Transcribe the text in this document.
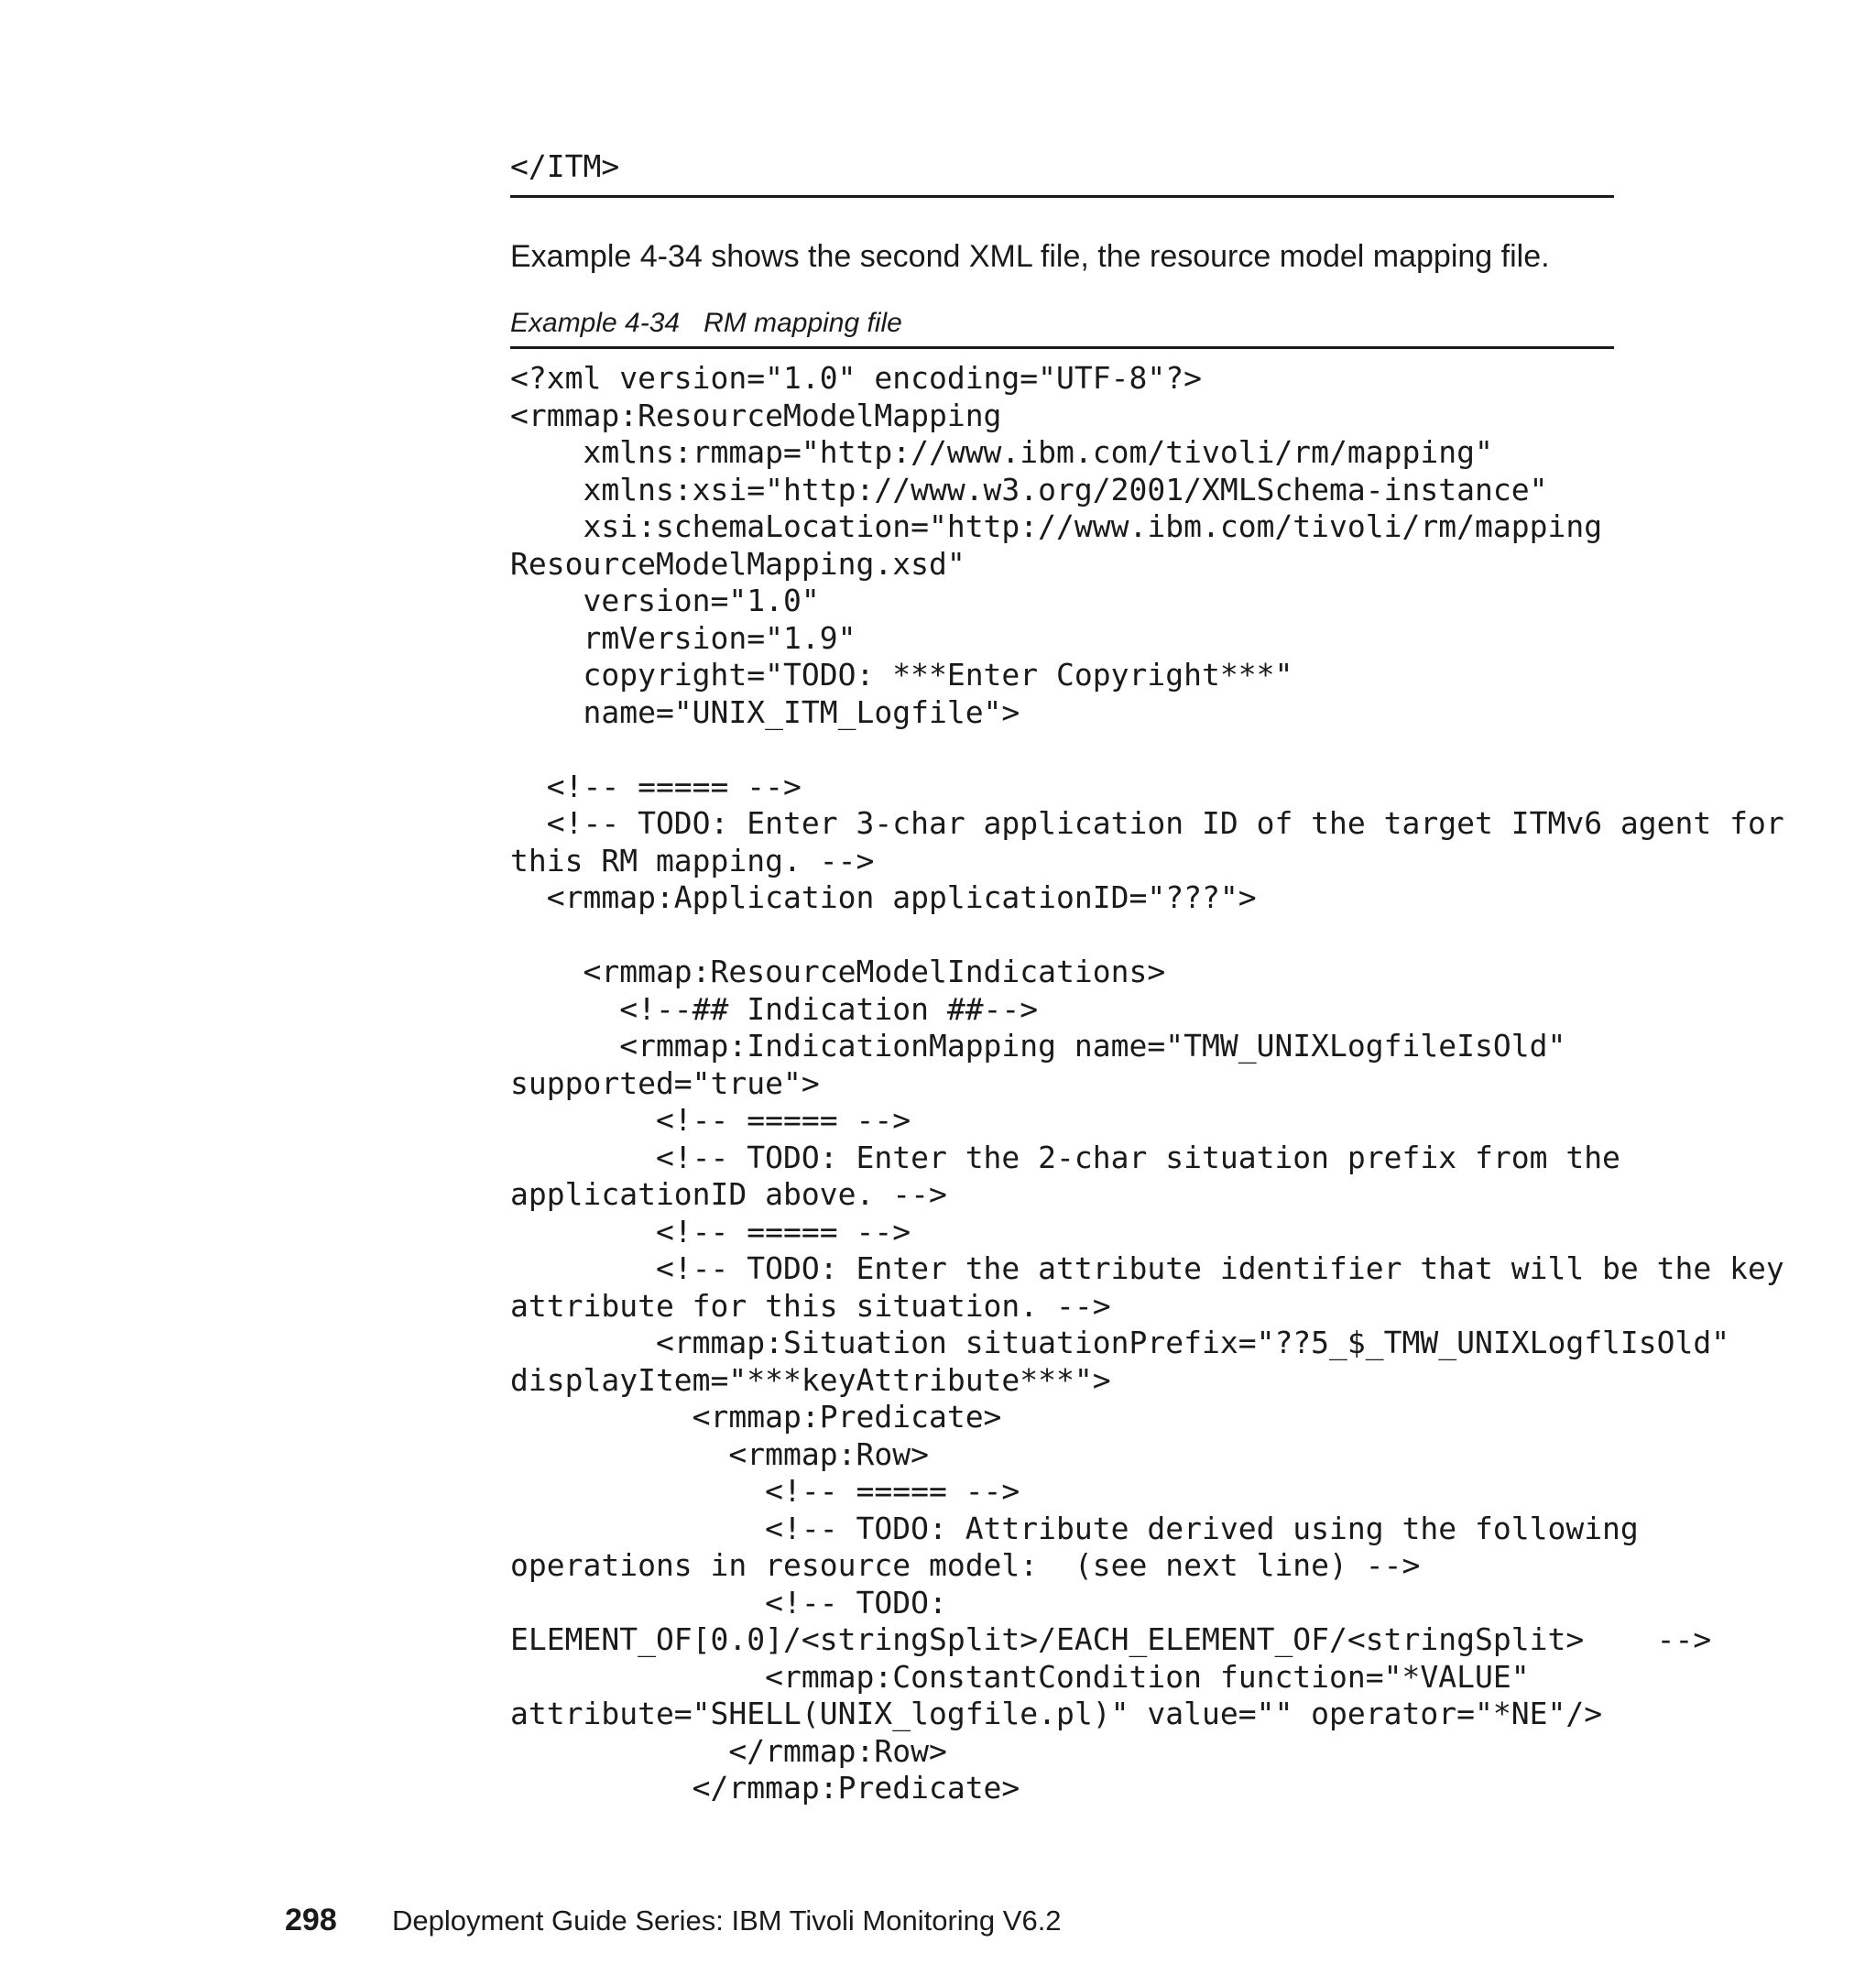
</ITM>

Example 4-34 shows the second XML file, the resource model mapping file.

Example 4-34 RM mapping file

<?xml version="1.0" encoding="UTF-8"?>
<rmmap:ResourceModelMapping
xmlns:rmmap="http://www.ibm.com/tivoli/rm/mapping"
xmlns:xsi="http://www.w3.org/2001/XMLSchema-instance"
xsi:schemaLocation="http://www.ibm.com/tivoli/rm/mapping
ResourceModelMapping.xsd"
version="1.0"
rmVersion="1.9"
copyright="TODO: ***Enter Copyright***"
name="UNIX_ITM_Logfile">

<!-- ===== -->
<!-- TODO: Enter 3-char application ID of the target ITMv6 agent for
this RM mapping. -->
<rmmap:Application applicationID="???">

<rmmap:ResourceModelIndications>
<!--## Indication ##-->
<rmmap:IndicationMapping name="TMW_UNIXLogfileIsOld"
supported="true">
<!-- ===== -->
<!-- TODO: Enter the 2-char situation prefix from the
applicationID above. -->
<!-- ===== -->
<!-- TODO: Enter the attribute identifier that will be the key
attribute for this situation. -->
<rmmap:Situation situationPrefix="??5_$_TMW_UNIXLogflIsOld"
displayItem="***keyAttribute***">
<rmmap:Predicate>
<rmmap:Row>
<!-- ===== -->
<!-- TODO: Attribute derived using the following
operations in resource model:  (see next line) -->
<!-- TODO:
ELEMENT_OF[0.0]/<stringSplit>/EACH_ELEMENT_OF/<stringSplit>    -->
<rmmap:ConstantCondition function="*VALUE"
attribute="SHELL(UNIX_logfile.pl)" value="" operator="*NE"/>
</rmmap:Row>
</rmmap:Predicate>
298 Deployment Guide Series: IBM Tivoli Monitoring V6.2
